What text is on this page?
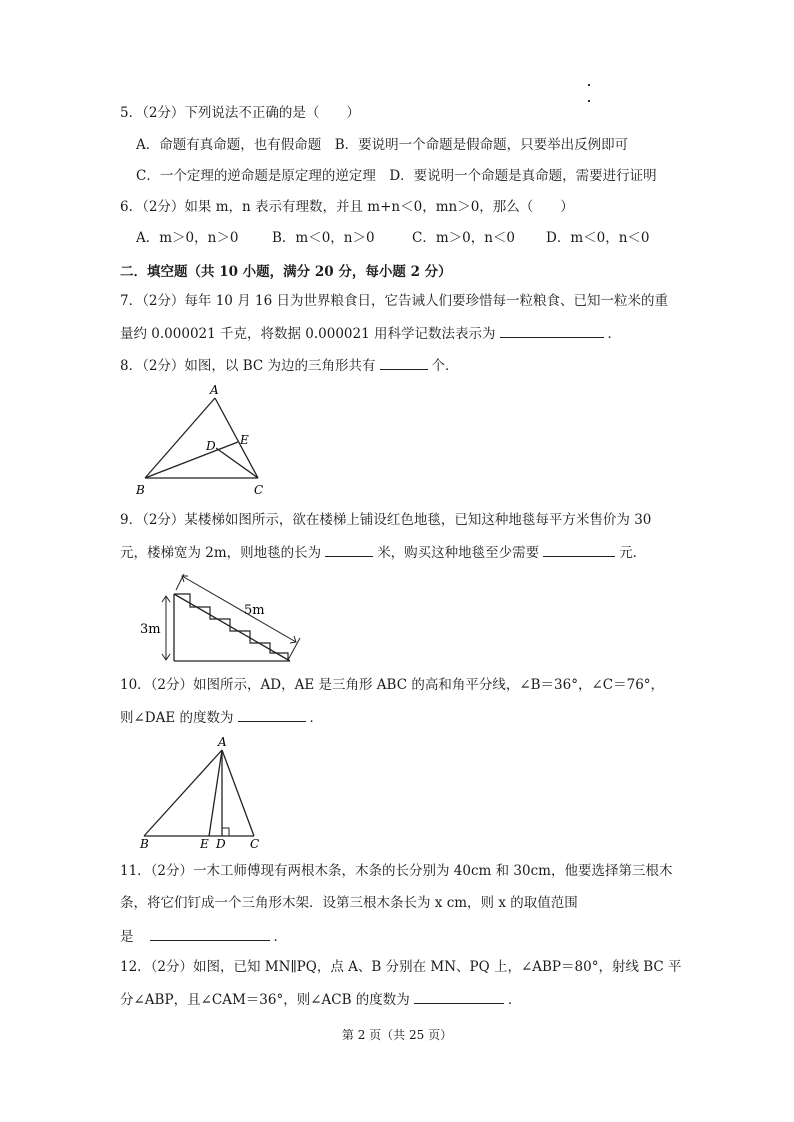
5．（2分）下列说法不正确的是（　　）
A．命题有真命题，也有假命题　B．要说明一个命题是假命题，只要举出反例即可
C．一个定理的逆命题是原定理的逆定理　D．要说明一个命题是真命题，需要进行证明
6．（2分）如果 m，n 表示有理数，并且 m+n＜0，mn＞0，那么（　　）
A．m＞0，n＞0 B．m＜0，n＞0	C．m＞0，n＜0 D．m＜0，n＜0
二．填空题（共 10 小题，满分 20 分，每小题 2 分）
7．（2分）每年 10 月 16 日为世界粮食日，它告诫人们要珍惜每一粒粮食、已知一粒米的重
量约 0.000021 千克，将数据 0.000021 用科学记数法表示为	．
8．（2分）如图，以 BC 为边的三角形共有	个．
A
B	C
D E
9．（2分）某楼梯如图所示，欲在楼梯上铺设红色地毯，已知这种地毯每平方米售价为 30
元，楼梯宽为 2m，则地毯的长为	米，购买这种地毯至少需要	元．
3m
5m
10．（2分）如图所示，AD，AE 是三角形 ABC 的高和角平分线，∠B＝36°，∠C＝76°，
则∠DAE 的度数为	．
A
B	E D C
11．（2分）一木工师傅现有两根木条，木条的长分别为 40cm 和 30cm，他要选择第三根木
条，将它们钉成一个三角形木架．设第三根木条长为 x cm，则 x 的取值范围
是	．
12．（2分）如图，已知 MN∥PQ，点 A、B 分别在 MN、PQ 上，∠ABP＝80°，射线 BC 平
分∠ABP，且∠CAM＝36°，则∠ACB 的度数为	．
第 2 页（共 25 页）
